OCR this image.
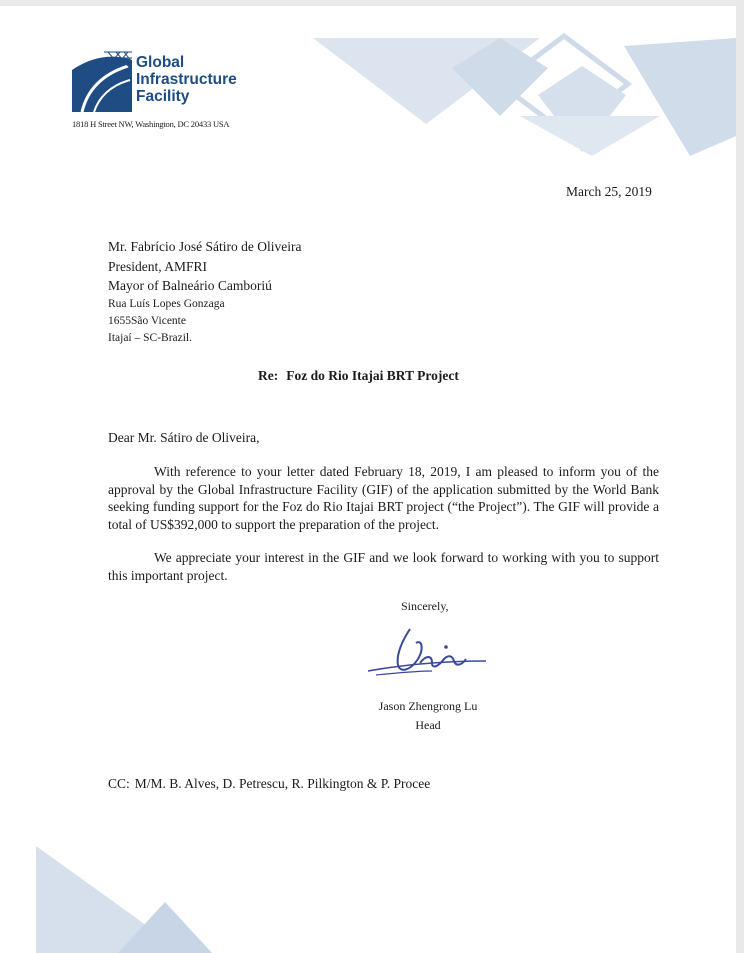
Global
Infrastructure
Facility
1818 H Street NW, Washington, DC 20433 USA
March 25, 2019
Mr. Fabrício José Sátiro de Oliveira
President, AMFRI
Mayor of Balneário Camboriú
Rua Luís Lopes Gonzaga
1655São Vicente
Itajaí – SC-Brazil.
Re: Foz do Rio Itajai BRT Project
Dear Mr. Sátiro de Oliveira,

With reference to your letter dated February 18, 2019, I am pleased to inform you of the approval by the Global Infrastructure Facility (GIF) of the application submitted by the World Bank seeking funding support for the Foz do Rio Itajai BRT project (“the Project”). The GIF will provide a total of US$392,000 to support the preparation of the project.

We appreciate your interest in the GIF and we look forward to working with you to support this important project.

Sincerely,
Jason Zhengrong Lu
Head
CC: M/M. B. Alves, D. Petrescu, R. Pilkington & P. Procee
